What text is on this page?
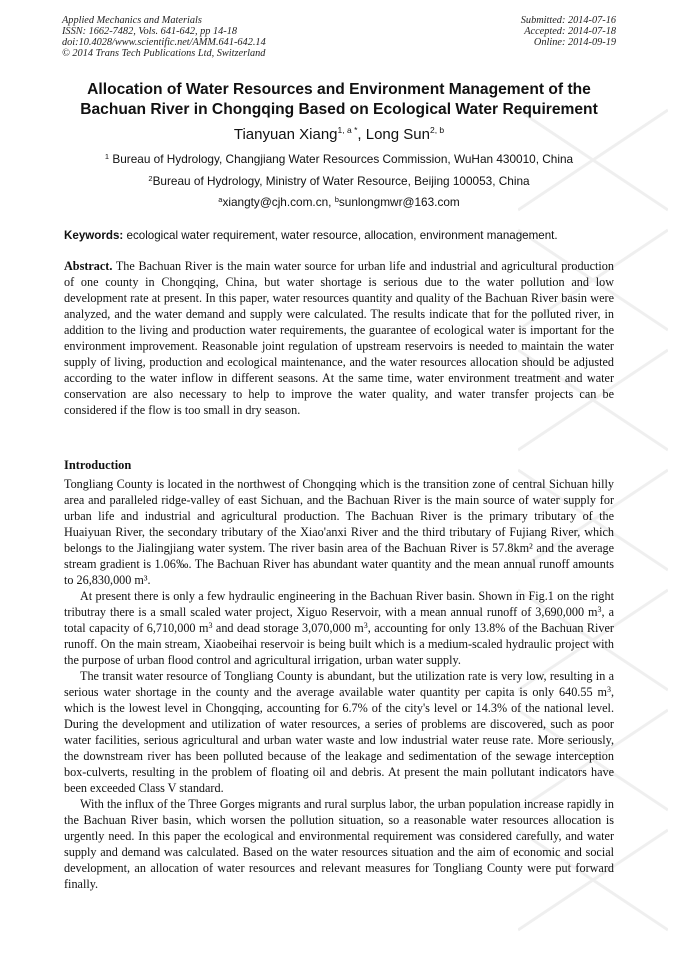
Applied Mechanics and Materials
ISSN: 1662-7482, Vols. 641-642, pp 14-18
doi:10.4028/www.scientific.net/AMM.641-642.14
© 2014 Trans Tech Publications Ltd, Switzerland
Submitted: 2014-07-16
Accepted: 2014-07-18
Online: 2014-09-19
Allocation of Water Resources and Environment Management of the
Bachuan River in Chongqing Based on Ecological Water Requirement
Tianyuan Xiang$^{1, a *}$, Long Sun$^{2, b}$
$^1$ Bureau of Hydrology, Changjiang Water Resources Commission, WuHan 430010, China
$^2$Bureau of Hydrology, Ministry of Water Resource, Beijing 100053, China
$^a$xiangty@cjh.com.cn, $^b$sunlongmwr@163.com
Keywords: ecological water requirement, water resource, allocation, environment management.
Abstract. The Bachuan River is the main water source for urban life and industrial and agricultural production of one county in Chongqing, China, but water shortage is serious due to the water pollution and low development rate at present. In this paper, water resources quantity and quality of the Bachuan River basin were analyzed, and the water demand and supply were calculated. The results indicate that for the polluted river, in addition to the living and production water requirements, the guarantee of ecological water is important for the environment improvement. Reasonable joint regulation of upstream reservoirs is needed to maintain the water supply of living, production and ecological maintenance, and the water resources allocation should be adjusted according to the water inflow in different seasons. At the same time, water environment treatment and water conservation are also necessary to help to improve the water quality, and water transfer projects can be considered if the flow is too small in dry season.
Introduction

Tongliang County is located in the northwest of Chongqing which is the transition zone of central Sichuan hilly area and paralleled ridge-valley of east Sichuan, and the Bachuan River is the main source of water supply for urban life and industrial and agricultural production. The Bachuan River is the primary tributary of the Huaiyuan River, the secondary tributary of the Xiao'anxi River and the third tributary of Fujiang River, which belongs to the Jialingjiang water system. The river basin area of the Bachuan River is 57.8km² and the average stream gradient is 1.06‰. The Bachuan River has abundant water quantity and the mean annual runoff amounts to 26,830,000 m³.

At present there is only a few hydraulic engineering in the Bachuan River basin. Shown in Fig.1 on the right tributray there is a small scaled water project, Xiguo Reservoir, with a mean annual runoff of 3,690,000 $m^3$, a total capacity of 6,710,000 $m^3$ and dead storage 3,070,000 $m^3$, accounting for only 13.8% of the Bachuan River runoff. On the main stream, Xiaobeihai reservoir is being built which is a medium-scaled hydraulic project with the purpose of urban flood control and agricultural irrigation, urban water supply.

The transit water resource of Tongliang County is abundant, but the utilization rate is very low, resulting in a serious water shortage in the county and the average available water quantity per capita is only 640.55 $m^3$, which is the lowest level in Chongqing, accounting for 6.7% of the city's level or 14.3% of the national level. During the development and utilization of water resources, a series of problems are discovered, such as poor water facilities, serious agricultural and urban water waste and low industrial water reuse rate. More seriously, the downstream river has been polluted because of the leakage and sedimentation of the sewage interception box-culverts, resulting in the problem of floating oil and debris. At present the main pollutant indicators have been exceeded Class V standard.

With the influx of the Three Gorges migrants and rural surplus labor, the urban population increase rapidly in the Bachuan River basin, which worsen the pollution situation, so a reasonable water resources allocation is urgently need. In this paper the ecological and environmental requirement was considered carefully, and water supply and demand was calculated. Based on the water resources situation and the aim of economic and social development, an allocation of water resources and relevant measures for Tongliang County were put forward finally.
